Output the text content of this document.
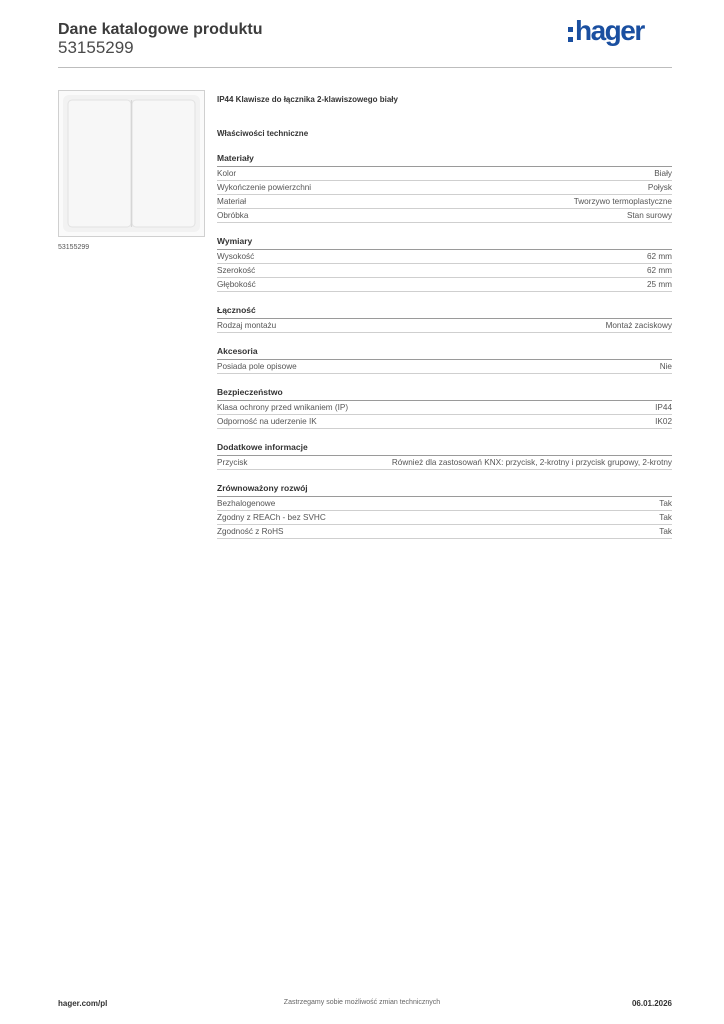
Dane katalogowe produktu
53155299
hager
53155299
IP44 Klawisze do łącznika 2-klawiszowego biały
Właściwości techniczne
Materiały
Kolor	Biały
Wykończenie powierzchni	Połysk
Materiał	Tworzywo termoplastyczne
Obróbka	Stan surowy
Wymiary
Wysokość	62 mm
Szerokość	62 mm
Głębokość	25 mm
Łączność
Rodzaj montażu	Montaż zaciskowy
Akcesoria
Posiada pole opisowe	Nie
Bezpieczeństwo
Klasa ochrony przed wnikaniem (IP)	IP44
Odporność na uderzenie IK	IK02
Dodatkowe informacje
Przycisk	Również dla zastosowań KNX: przycisk, 2-krotny i przycisk grupowy, 2-krotny
Zrównoważony rozwój
Bezhalogenowe	Tak
Zgodny z REACh - bez SVHC	Tak
Zgodność z RoHS	Tak
hager.com/pl	Zastrzegamy sobie możliwość zmian technicznych	06.01.2026
